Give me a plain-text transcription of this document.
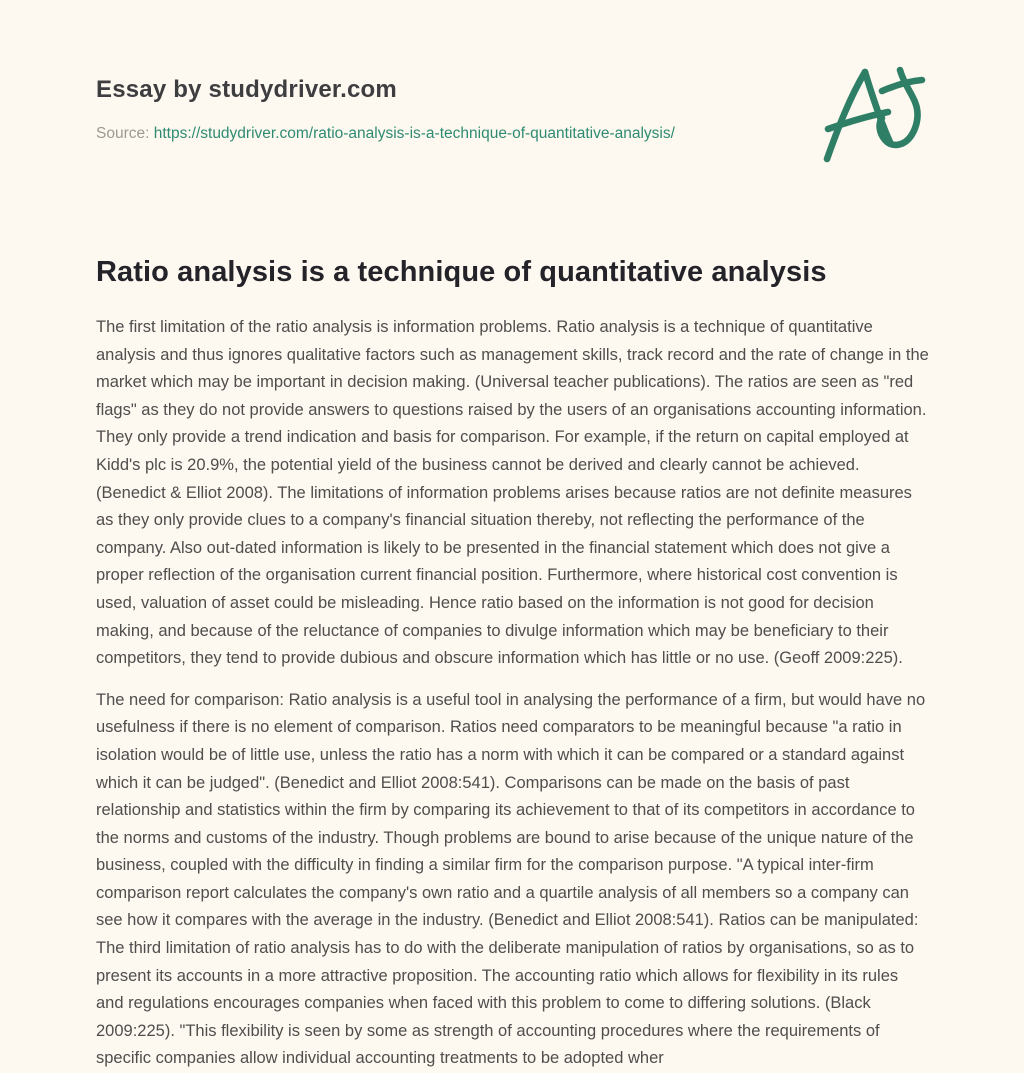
Essay by studydriver.com
Source: https://studydriver.com/ratio-analysis-is-a-technique-of-quantitative-analysis/
Ratio analysis is a technique of quantitative analysis

The first limitation of the ratio analysis is information problems. Ratio analysis is a technique of quantitative analysis and thus ignores qualitative factors such as management skills, track record and the rate of change in the market which may be important in decision making. (Universal teacher publications). The ratios are seen as "red flags" as they do not provide answers to questions raised by the users of an organisations accounting information. They only provide a trend indication and basis for comparison. For example, if the return on capital employed at Kidd's plc is 20.9%, the potential yield of the business cannot be derived and clearly cannot be achieved. (Benedict & Elliot 2008). The limitations of information problems arises because ratios are not definite measures as they only provide clues to a company's financial situation thereby, not reflecting the performance of the company. Also out-dated information is likely to be presented in the financial statement which does not give a proper reflection of the organisation current financial position. Furthermore, where historical cost convention is used, valuation of asset could be misleading. Hence ratio based on the information is not good for decision making, and because of the reluctance of companies to divulge information which may be beneficiary to their competitors, they tend to provide dubious and obscure information which has little or no use. (Geoff 2009:225).

The need for comparison: Ratio analysis is a useful tool in analysing the performance of a firm, but would have no usefulness if there is no element of comparison. Ratios need comparators to be meaningful because "a ratio in isolation would be of little use, unless the ratio has a norm with which it can be compared or a standard against which it can be judged". (Benedict and Elliot 2008:541). Comparisons can be made on the basis of past relationship and statistics within the firm by comparing its achievement to that of its competitors in accordance to the norms and customs of the industry. Though problems are bound to arise because of the unique nature of the business, coupled with the difficulty in finding a similar firm for the comparison purpose. "A typical inter-firm comparison report calculates the company's own ratio and a quartile analysis of all members so a company can see how it compares with the average in the industry. (Benedict and Elliot 2008:541). Ratios can be manipulated: The third limitation of ratio analysis has to do with the deliberate manipulation of ratios by organisations, so as to present its accounts in a more attractive proposition. The accounting ratio which allows for flexibility in its rules and regulations encourages companies when faced with this problem to come to differing solutions. (Black 2009:225). "This flexibility is seen by some as strength of accounting procedures where the requirements of specific companies allow individual accounting treatments to be adopted wher
